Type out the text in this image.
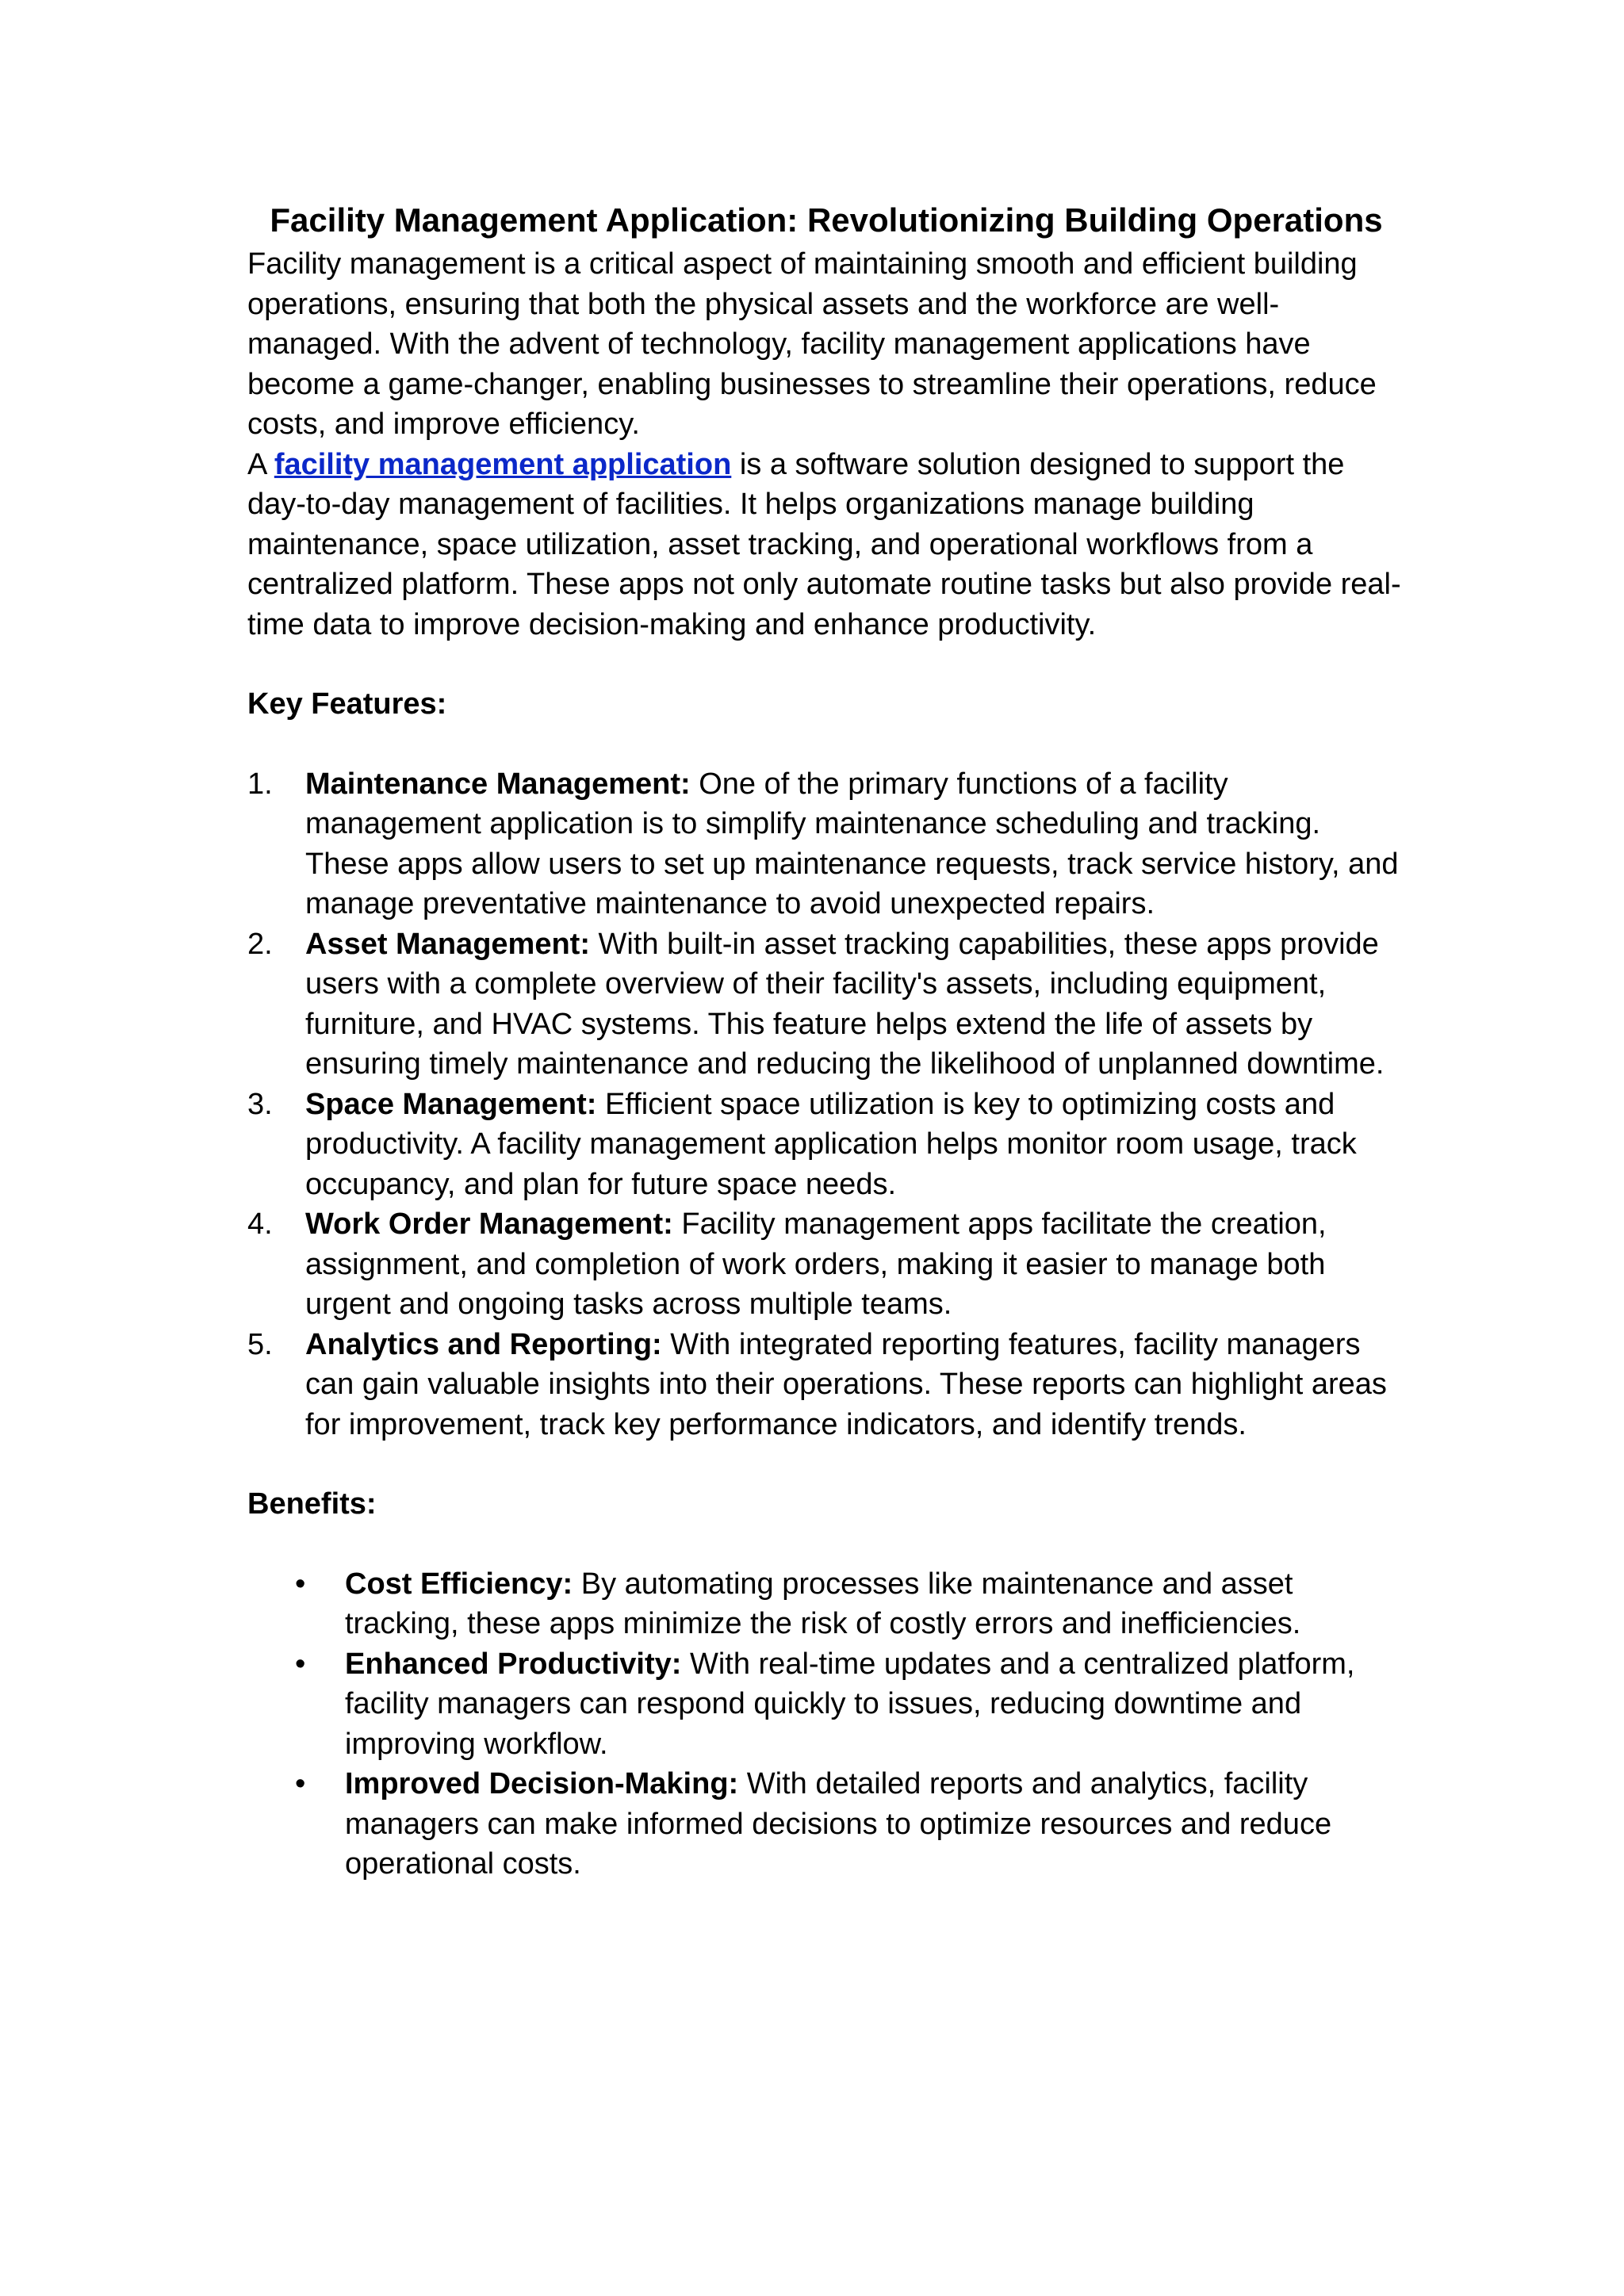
Facility Management Application: Revolutionizing Building Operations

Facility management is a critical aspect of maintaining smooth and efficient building operations, ensuring that both the physical assets and the workforce are well-managed. With the advent of technology, facility management applications have become a game-changer, enabling businesses to streamline their operations, reduce costs, and improve efficiency.

A facility management application is a software solution designed to support the day-to-day management of facilities. It helps organizations manage building maintenance, space utilization, asset tracking, and operational workflows from a centralized platform. These apps not only automate routine tasks but also provide real-time data to improve decision-making and enhance productivity.

Key Features:

1. Maintenance Management: One of the primary functions of a facility management application is to simplify maintenance scheduling and tracking. These apps allow users to set up maintenance requests, track service history, and manage preventative maintenance to avoid unexpected repairs.
2. Asset Management: With built-in asset tracking capabilities, these apps provide users with a complete overview of their facility's assets, including equipment, furniture, and HVAC systems. This feature helps extend the life of assets by ensuring timely maintenance and reducing the likelihood of unplanned downtime.
3. Space Management: Efficient space utilization is key to optimizing costs and productivity. A facility management application helps monitor room usage, track occupancy, and plan for future space needs.
4. Work Order Management: Facility management apps facilitate the creation, assignment, and completion of work orders, making it easier to manage both urgent and ongoing tasks across multiple teams.
5. Analytics and Reporting: With integrated reporting features, facility managers can gain valuable insights into their operations. These reports can highlight areas for improvement, track key performance indicators, and identify trends.

Benefits:

• Cost Efficiency: By automating processes like maintenance and asset tracking, these apps minimize the risk of costly errors and inefficiencies.
• Enhanced Productivity: With real-time updates and a centralized platform, facility managers can respond quickly to issues, reducing downtime and improving workflow.
• Improved Decision-Making: With detailed reports and analytics, facility managers can make informed decisions to optimize resources and reduce operational costs.
